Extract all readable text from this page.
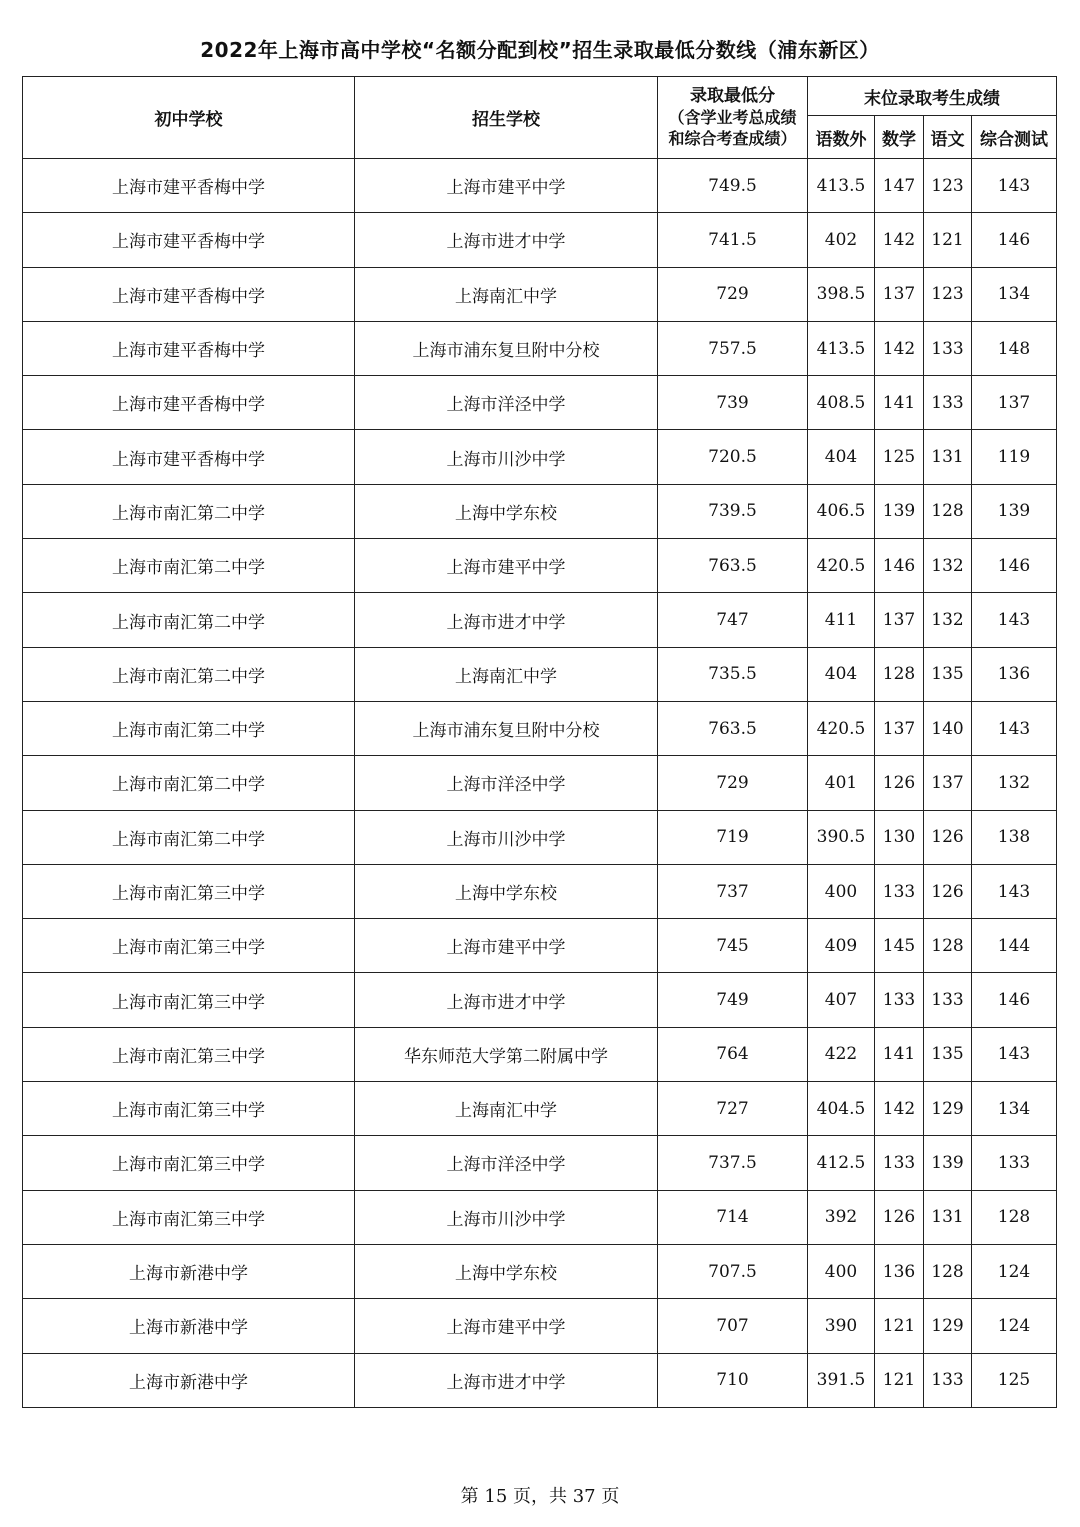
2022年上海市高中学校“名额分配到校”招生录取最低分数线（浦东新区）
初中学校	招生学校	录取最低分
（含学业考总成绩
和综合考查成绩）	末位录取考生成绩			
			语数外	数学	语文	综合测试
上海市建平香梅中学	上海市建平中学	749.5	413.5	147	123	143
上海市建平香梅中学	上海市进才中学	741.5	402	142	121	146
上海市建平香梅中学	上海南汇中学	729	398.5	137	123	134
上海市建平香梅中学	上海市浦东复旦附中分校	757.5	413.5	142	133	148
上海市建平香梅中学	上海市洋泾中学	739	408.5	141	133	137
上海市建平香梅中学	上海市川沙中学	720.5	404	125	131	119
上海市南汇第二中学	上海中学东校	739.5	406.5	139	128	139
上海市南汇第二中学	上海市建平中学	763.5	420.5	146	132	146
上海市南汇第二中学	上海市进才中学	747	411	137	132	143
上海市南汇第二中学	上海南汇中学	735.5	404	128	135	136
上海市南汇第二中学	上海市浦东复旦附中分校	763.5	420.5	137	140	143
上海市南汇第二中学	上海市洋泾中学	729	401	126	137	132
上海市南汇第二中学	上海市川沙中学	719	390.5	130	126	138
上海市南汇第三中学	上海中学东校	737	400	133	126	143
上海市南汇第三中学	上海市建平中学	745	409	145	128	144
上海市南汇第三中学	上海市进才中学	749	407	133	133	146
上海市南汇第三中学	华东师范大学第二附属中学	764	422	141	135	143
上海市南汇第三中学	上海南汇中学	727	404.5	142	129	134
上海市南汇第三中学	上海市洋泾中学	737.5	412.5	133	139	133
上海市南汇第三中学	上海市川沙中学	714	392	126	131	128
上海市新港中学	上海中学东校	707.5	400	136	128	124
上海市新港中学	上海市建平中学	707	390	121	129	124
上海市新港中学	上海市进才中学	710	391.5	121	133	125
第 15 页，共 37 页
